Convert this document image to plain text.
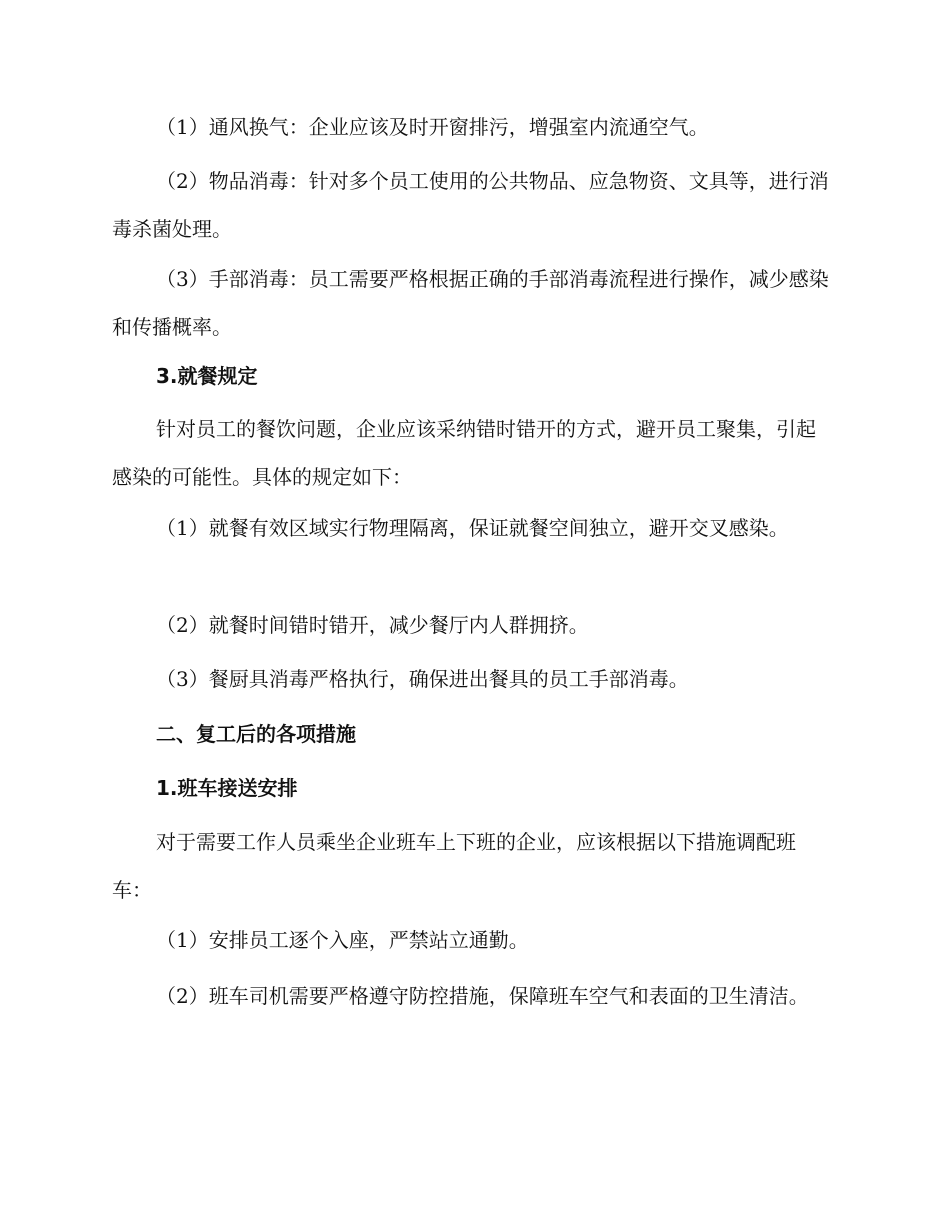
（1）通风换气：企业应该及时开窗排污，增强室内流通空气。

（2）物品消毒：针对多个员工使用的公共物品、应急物资、文具等，进行消毒杀菌处理。

（3）手部消毒：员工需要严格根据正确的手部消毒流程进行操作，减少感染和传播概率。

3.就餐规定

针对员工的餐饮问题，企业应该采纳错时错开的方式，避开员工聚集，引起感染的可能性。具体的规定如下：

（1）就餐有效区域实行物理隔离，保证就餐空间独立，避开交叉感染。

（2）就餐时间错时错开，减少餐厅内人群拥挤。

（3）餐厨具消毒严格执行，确保进出餐具的员工手部消毒。

二、复工后的各项措施

1.班车接送安排

对于需要工作人员乘坐企业班车上下班的企业，应该根据以下措施调配班车：

（1）安排员工逐个入座，严禁站立通勤。

（2）班车司机需要严格遵守防控措施，保障班车空气和表面的卫生清洁。
